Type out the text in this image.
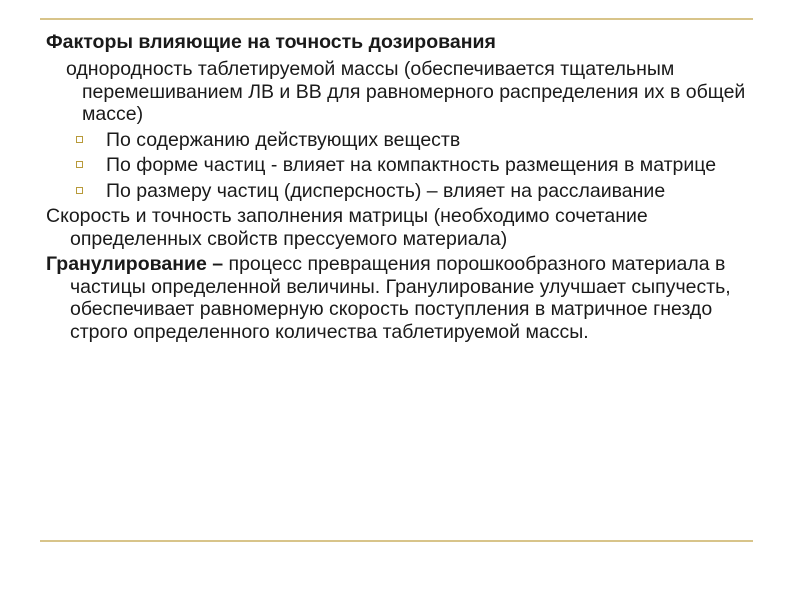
Факторы влияющие на точность дозирования
однородность таблетируемой массы (обеспечивается тщательным перемешиванием ЛВ и ВВ для равномерного распределения их в общей массе)
По содержанию действующих веществ
По форме частиц - влияет на компактность размещения в матрице
По размеру частиц (дисперсность) – влияет на расслаивание
Скорость и точность заполнения матрицы (необходимо сочетание определенных свойств прессуемого материала)
Гранулирование – процесс превращения порошкообразного материала в частицы определенной величины. Гранулирование улучшает сыпучесть, обеспечивает равномерную скорость поступления в матричное гнездо строго определенного количества таблетируемой массы.
